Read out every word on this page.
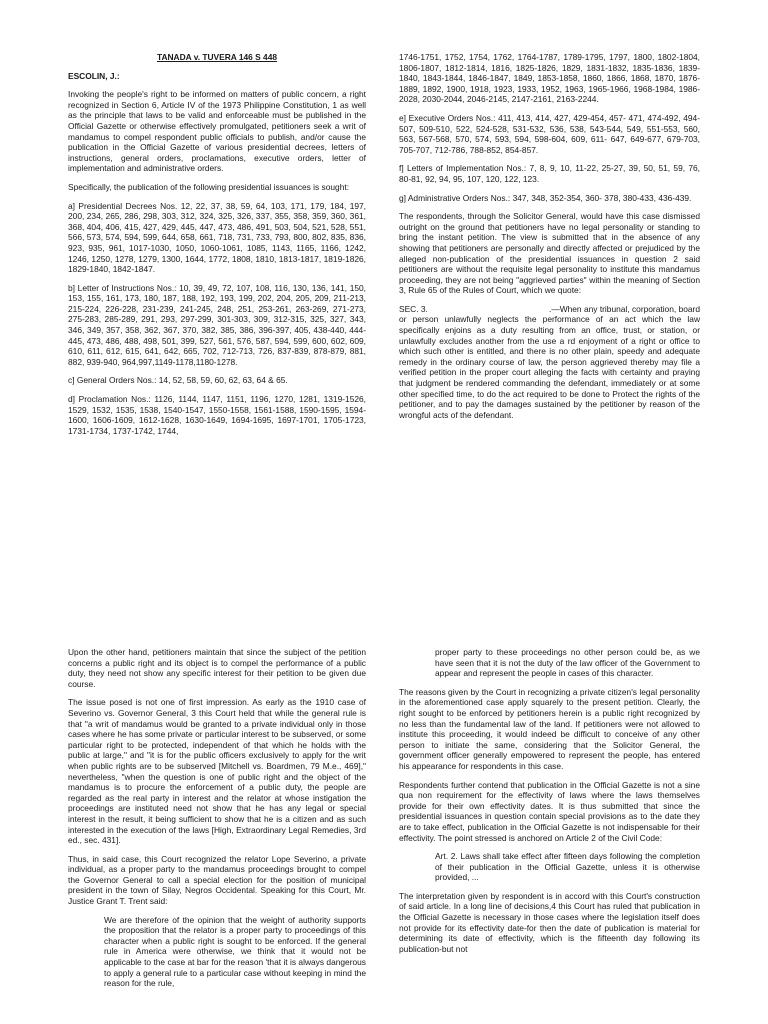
TANADA v. TUVERA 146 S 448

ESCOLIN, J.:

Invoking the people's right to be informed on matters of public concern, a right recognized in Section 6, Article IV of the 1973 Philippine Constitution, 1 as well as the principle that laws to be valid and enforceable must be published in the Official Gazette or otherwise effectively promulgated, petitioners seek a writ of mandamus to compel respondent public officials to publish, and/or cause the publication in the Official Gazette of various presidential decrees, letters of instructions, general orders, proclamations, executive orders, letter of implementation and administrative orders.

Specifically, the publication of the following presidential issuances is sought:

a] Presidential Decrees Nos. 12, 22, 37, 38, 59, 64, 103, 171, 179, 184, 197, 200, 234, 265, 286, 298, 303, 312, 324, 325, 326, 337, 355, 358, 359, 360, 361, 368, 404, 406, 415, 427, 429, 445, 447, 473, 486, 491, 503, 504, 521, 528, 551, 566, 573, 574, 594, 599, 644, 658, 661, 718, 731, 733, 793, 800, 802, 835, 836, 923, 935, 961, 1017-1030, 1050, 1060-1061, 1085, 1143, 1165, 1166, 1242, 1246, 1250, 1278, 1279, 1300, 1644, 1772, 1808, 1810, 1813-1817, 1819-1826, 1829-1840, 1842-1847.

b] Letter of Instructions Nos.: 10, 39, 49, 72, 107, 108, 116, 130, 136, 141, 150, 153, 155, 161, 173, 180, 187, 188, 192, 193, 199, 202, 204, 205, 209, 211-213, 215-224, 226-228, 231-239, 241-245, 248, 251, 253-261, 263-269, 271-273, 275-283, 285-289, 291, 293, 297-299, 301-303, 309, 312-315, 325, 327, 343, 346, 349, 357, 358, 362, 367, 370, 382, 385, 386, 396-397, 405, 438-440, 444- 445, 473, 486, 488, 498, 501, 399, 527, 561, 576, 587, 594, 599, 600, 602, 609, 610, 611, 612, 615, 641, 642, 665, 702, 712-713, 726, 837-839, 878-879, 881, 882, 939-940, 964,997,1149-1178,1180-1278.

c] General Orders Nos.: 14, 52, 58, 59, 60, 62, 63, 64 & 65.

d] Proclamation Nos.: 1126, 1144, 1147, 1151, 1196, 1270, 1281, 1319-1526, 1529, 1532, 1535, 1538, 1540-1547, 1550-1558, 1561-1588, 1590-1595, 1594-1600, 1606-1609, 1612-1628, 1630-1649, 1694-1695, 1697-1701, 1705-1723, 1731-1734, 1737-1742, 1744,

1746-1751, 1752, 1754, 1762, 1764-1787, 1789-1795, 1797, 1800, 1802-1804, 1806-1807, 1812-1814, 1816, 1825-1826, 1829, 1831-1832, 1835-1836, 1839-1840, 1843-1844, 1846-1847, 1849, 1853-1858, 1860, 1866, 1868, 1870, 1876-1889, 1892, 1900, 1918, 1923, 1933, 1952, 1963, 1965-1966, 1968-1984, 1986-2028, 2030-2044, 2046-2145, 2147-2161, 2163-2244.

e] Executive Orders Nos.: 411, 413, 414, 427, 429-454, 457- 471, 474-492, 494-507, 509-510, 522, 524-528, 531-532, 536, 538, 543-544, 549, 551-553, 560, 563, 567-568, 570, 574, 593, 594, 598-604, 609, 611- 647, 649-677, 679-703, 705-707, 712-786, 788-852, 854-857.

f] Letters of Implementation Nos.: 7, 8, 9, 10, 11-22, 25-27, 39, 50, 51, 59, 76, 80-81, 92, 94, 95, 107, 120, 122, 123.

g] Administrative Orders Nos.: 347, 348, 352-354, 360- 378, 380-433, 436-439.

The respondents, through the Solicitor General, would have this case dismissed outright on the ground that petitioners have no legal personality or standing to bring the instant petition. The view is submitted that in the absence of any showing that petitioners are personally and directly affected or prejudiced by the alleged non-publication of the presidential issuances in question 2 said petitioners are without the requisite legal personality to institute this mandamus proceeding, they are not being "aggrieved parties" within the meaning of Section 3, Rule 65 of the Rules of Court, which we quote:

SEC. 3.	.—When any tribunal, corporation, board or person unlawfully neglects the performance of an act which the law specifically enjoins as a duty resulting from an office, trust, or station, or unlawfully excludes another from the use a rd enjoyment of a right or office to which such other is entitled, and there is no other plain, speedy and adequate remedy in the ordinary course of law, the person aggrieved thereby may file a verified petition in the proper court alleging the facts with certainty and praying that judgment be rendered commanding the defendant, immediately or at some other specified time, to do the act required to be done to Protect the rights of the petitioner, and to pay the damages sustained by the petitioner by reason of the wrongful acts of the defendant.

Upon the other hand, petitioners maintain that since the subject of the petition concerns a public right and its object is to compel the performance of a public duty, they need not show any specific interest for their petition to be given due course.

The issue posed is not one of first impression. As early as the 1910 case of Severino vs. Governor General, 3 this Court held that while the general rule is that "a writ of mandamus would be granted to a private individual only in those cases where he has some private or particular interest to be subserved, or some particular right to be protected, independent of that which he holds with the public at large," and "it is for the public officers exclusively to apply for the writ when public rights are to be subserved [Mitchell vs. Boardmen, 79 M.e., 469]," nevertheless, "when the question is one of public right and the object of the mandamus is to procure the enforcement of a public duty, the people are regarded as the real party in interest and the relator at whose instigation the proceedings are instituted need not show that he has any legal or special interest in the result, it being sufficient to show that he is a citizen and as such interested in the execution of the laws [High, Extraordinary Legal Remedies, 3rd ed., sec. 431].

Thus, in said case, this Court recognized the relator Lope Severino, a private individual, as a proper party to the mandamus proceedings brought to compel the Governor General to call a special election for the position of municipal president in the town of Silay, Negros Occidental. Speaking for this Court, Mr. Justice Grant T. Trent said:

We are therefore of the opinion that the weight of authority supports the proposition that the relator is a proper party to proceedings of this character when a public right is sought to be enforced. If the general rule in America were otherwise, we think that it would not be applicable to the case at bar for the reason 'that it is always dangerous to apply a general rule to a particular case without keeping in mind the reason for the rule,

proper party to these proceedings no other person could be, as we have seen that it is not the duty of the law officer of the Government to appear and represent the people in cases of this character.

The reasons given by the Court in recognizing a private citizen's legal personality in the aforementioned case apply squarely to the present petition. Clearly, the right sought to be enforced by petitioners herein is a public right recognized by no less than the fundamental law of the land. If petitioners were not allowed to institute this proceeding, it would indeed be difficult to conceive of any other person to initiate the same, considering that the Solicitor General, the government officer generally empowered to represent the people, has entered his appearance for respondents in this case.

Respondents further contend that publication in the Official Gazette is not a sine qua non requirement for the effectivity of laws where the laws themselves provide for their own effectivity dates. It is thus submitted that since the presidential issuances in question contain special provisions as to the date they are to take effect, publication in the Official Gazette is not indispensable for their effectivity. The point stressed is anchored on Article 2 of the Civil Code:

Art. 2. Laws shall take effect after fifteen days following the completion of their publication in the Official Gazette, unless it is otherwise provided, ...

The interpretation given by respondent is in accord with this Court's construction of said article. In a long line of decisions,4 this Court has ruled that publication in the Official Gazette is necessary in those cases where the legislation itself does not provide for its effectivity date-for then the date of publication is material for determining its date of effectivity, which is the fifteenth day following its publication-but not
